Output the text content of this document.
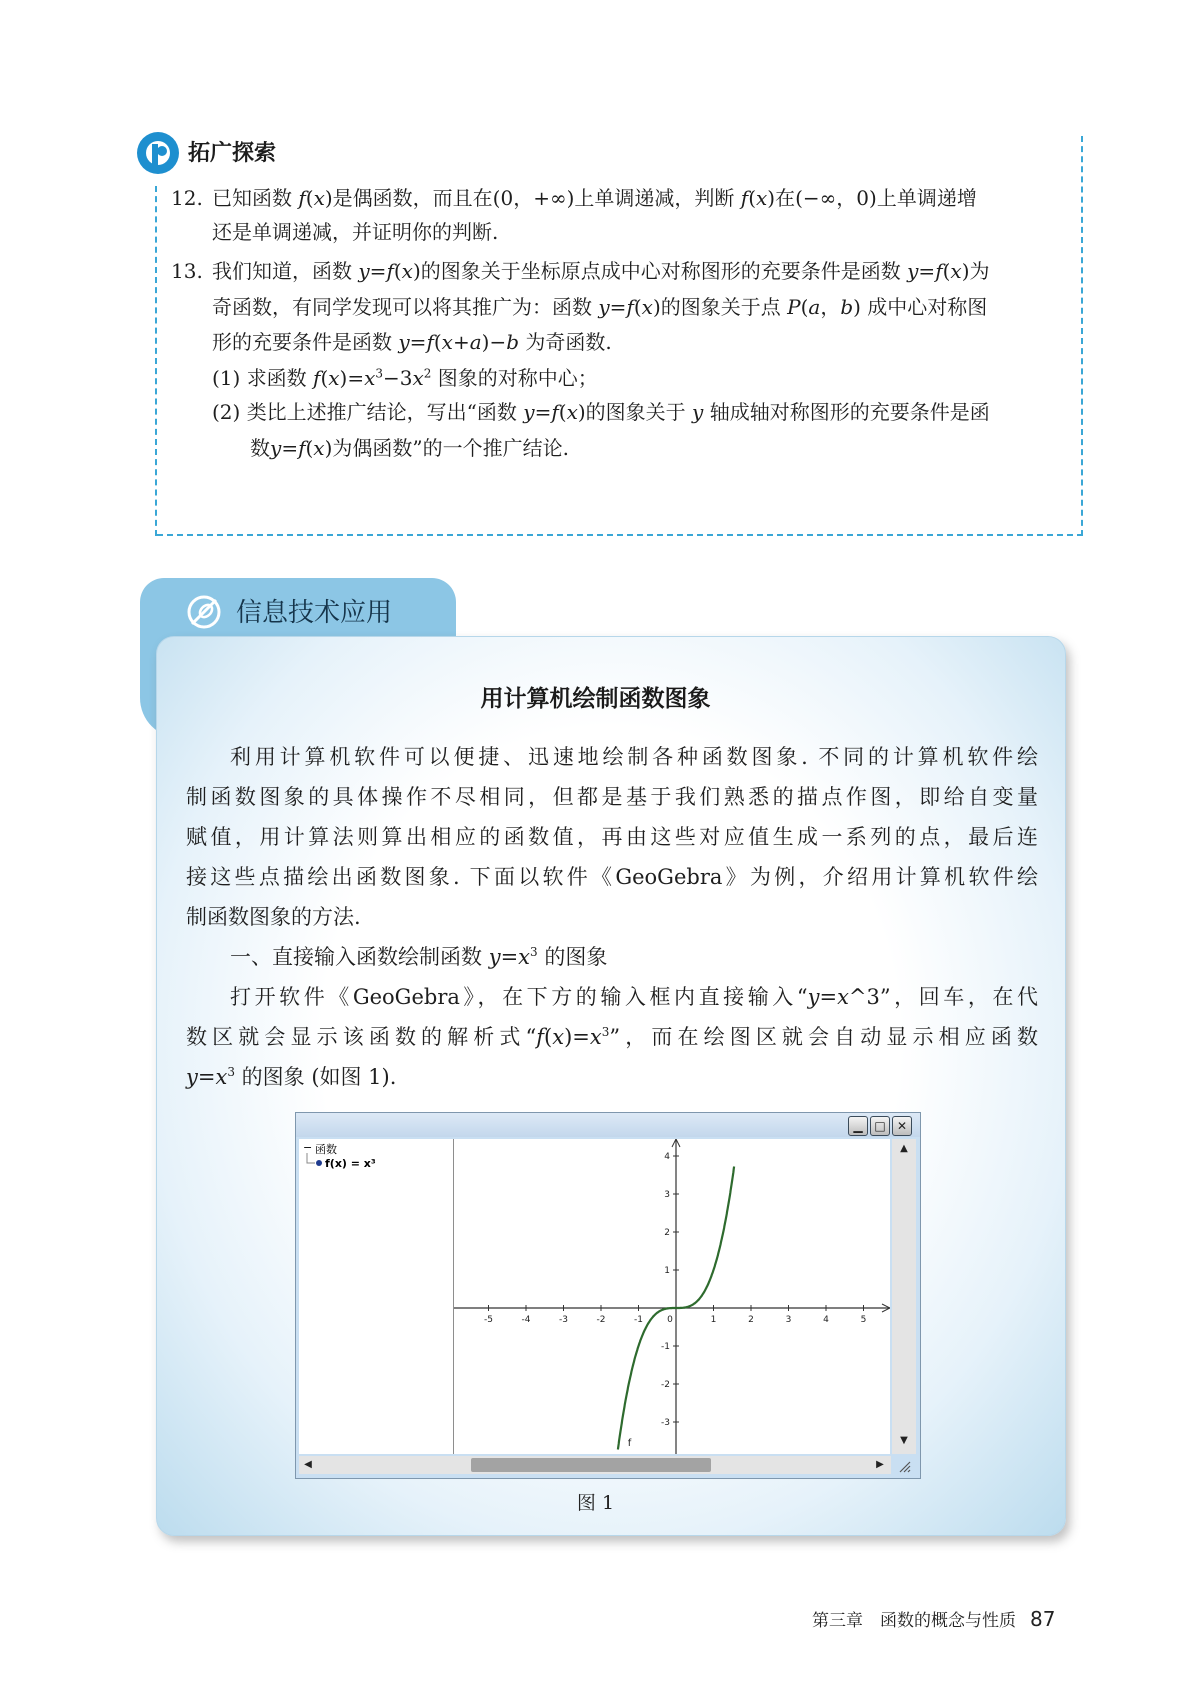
拓广探索
12. 已知函数 f(x)是偶函数，而且在(0，+∞)上单调递减，判断 f(x)在(−∞，0)上单调递增
还是单调递减，并证明你的判断.
13. 我们知道，函数 y=f(x)的图象关于坐标原点成中心对称图形的充要条件是函数 y=f(x)为
奇函数，有同学发现可以将其推广为：函数 y=f(x)的图象关于点 P(a，b) 成中心对称图
形的充要条件是函数 y=f(x+a)−b 为奇函数.
(1) 求函数 $f(x)=x^3-3x^2$ 图象的对称中心；
(2) 类比上述推广结论，写出“函数 y=f(x)的图象关于 y 轴成轴对称图形的充要条件是函
数y=f(x)为偶函数”的一个推广结论.
信息技术应用
用计算机绘制函数图象
利用计算机软件可以便捷、迅速地绘制各种函数图象. 不同的计算机软件绘
制函数图象的具体操作不尽相同，但都是基于我们熟悉的描点作图，即给自变量
赋值，用计算法则算出相应的函数值，再由这些对应值生成一系列的点，最后连
接这些点描绘出函数图象. 下面以软件《GeoGebra》为例，介绍用计算机软件绘
制函数图象的方法.
一、直接输入函数绘制函数 $y=x^3$ 的图象
打开软件《GeoGebra》，在下方的输入框内直接输入“y=x^3”，回车，在代
数区就会显示该函数的解析式“$f(x)=x^3$”，而在绘图区就会自动显示相应函数
$y=x^3$ 的图象 (如图 1).
▁ □ ✕
− 函数
f(x) = x³
-5	-4	-3	-2	-1	0	1	2	3	4	5
4
3
2
1
-1
-2
-3
f
▲
▼
◀	▶
图 1
第三章　函数的概念与性质 87
